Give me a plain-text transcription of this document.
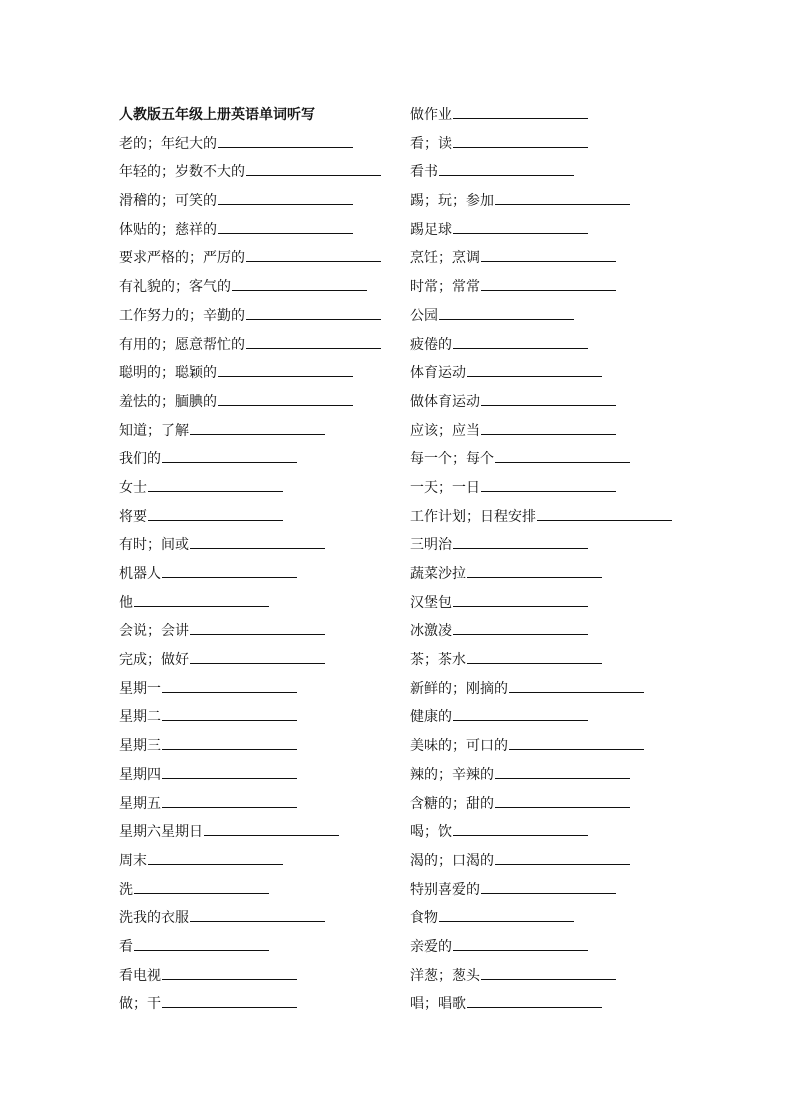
人教版五年级上册英语单词听写
老的；年纪大的
年轻的；岁数不大的
滑稽的；可笑的
体贴的；慈祥的
要求严格的；严厉的
有礼貌的；客气的
工作努力的；辛勤的
有用的；愿意帮忙的
聪明的；聪颖的
羞怯的；腼腆的
知道；了解
我们的
女士
将要
有时；间或
机器人
他
会说；会讲
完成；做好
星期一
星期二
星期三
星期四
星期五
星期六星期日
周末
洗
洗我的衣服
看
看电视
做；干
做作业
看；读
看书
踢；玩；参加
踢足球
烹饪；烹调
时常；常常
公园
疲倦的
体育运动
做体育运动
应该；应当
每一个；每个
一天；一日
工作计划；日程安排
三明治
蔬菜沙拉
汉堡包
冰激凌
茶；茶水
新鲜的；刚摘的
健康的
美味的；可口的
辣的；辛辣的
含糖的；甜的
喝；饮
渴的；口渴的
特别喜爱的
食物
亲爱的
洋葱；葱头
唱；唱歌
